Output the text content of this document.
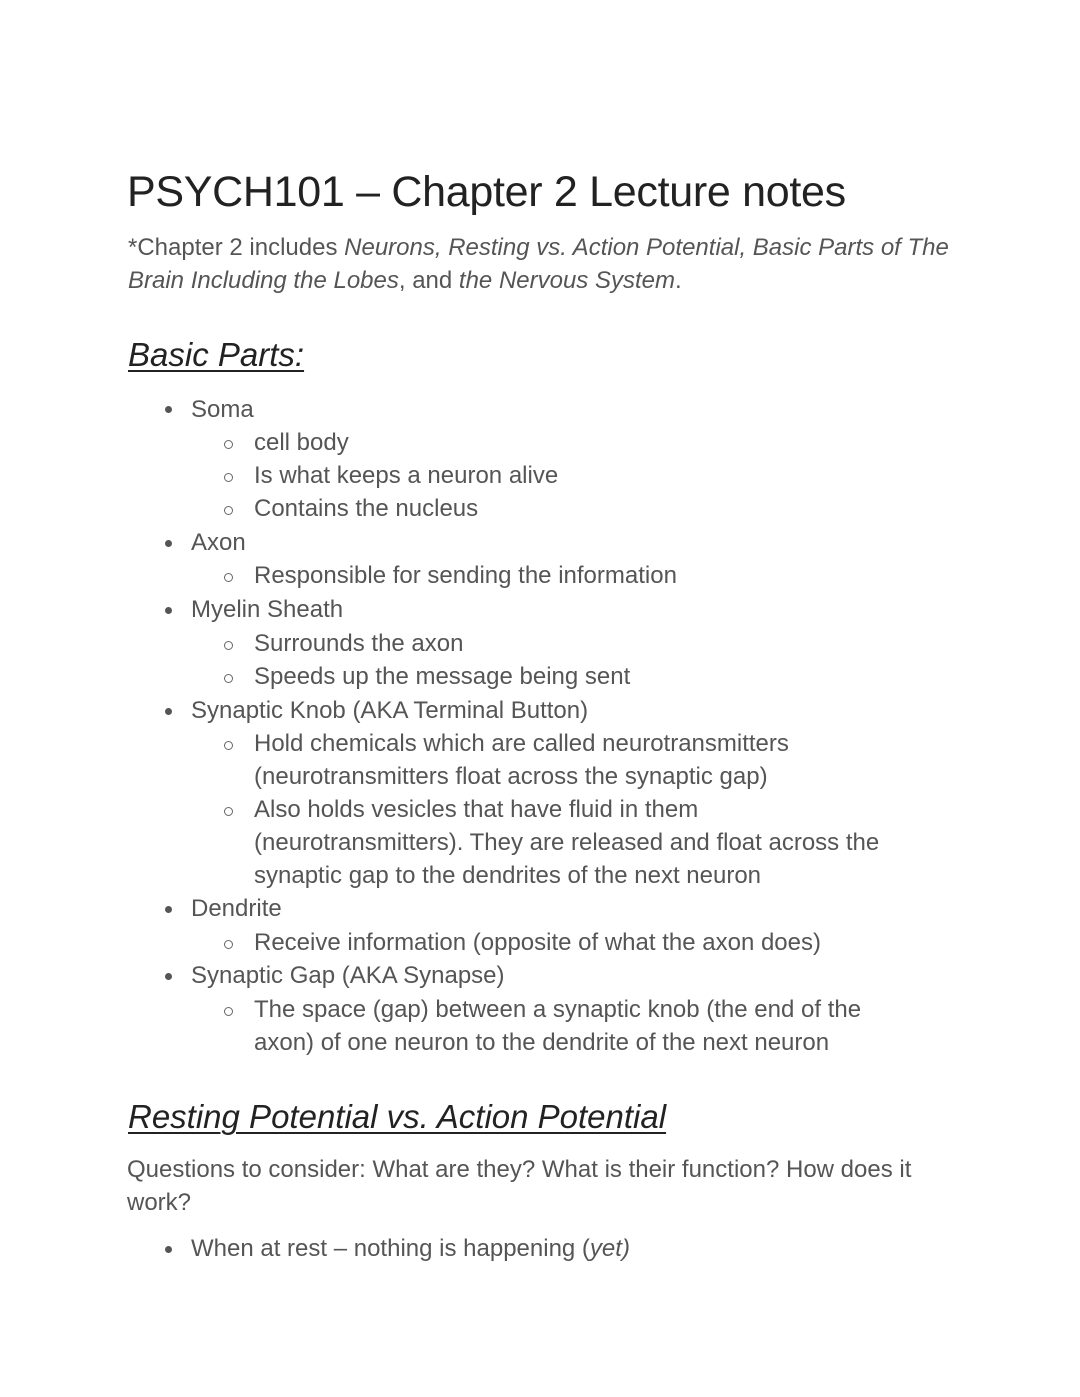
PSYCH101 – Chapter 2 Lecture notes

*Chapter 2 includes Neurons, Resting vs. Action Potential, Basic Parts of The Brain Including the Lobes, and the Nervous System.

Basic Parts:
Soma
cell body
Is what keeps a neuron alive
Contains the nucleus
Axon
Responsible for sending the information
Myelin Sheath
Surrounds the axon
Speeds up the message being sent
Synaptic Knob (AKA Terminal Button)
Hold chemicals which are called neurotransmitters
(neurotransmitters float across the synaptic gap)
Also holds vesicles that have fluid in them
(neurotransmitters). They are released and float across the
synaptic gap to the dendrites of the next neuron
Dendrite
Receive information (opposite of what the axon does)
Synaptic Gap (AKA Synapse)
The space (gap) between a synaptic knob (the end of the
axon) of one neuron to the dendrite of the next neuron
Resting Potential vs. Action Potential

Questions to consider: What are they? What is their function? How does it work?

When at rest – nothing is happening (yet)
